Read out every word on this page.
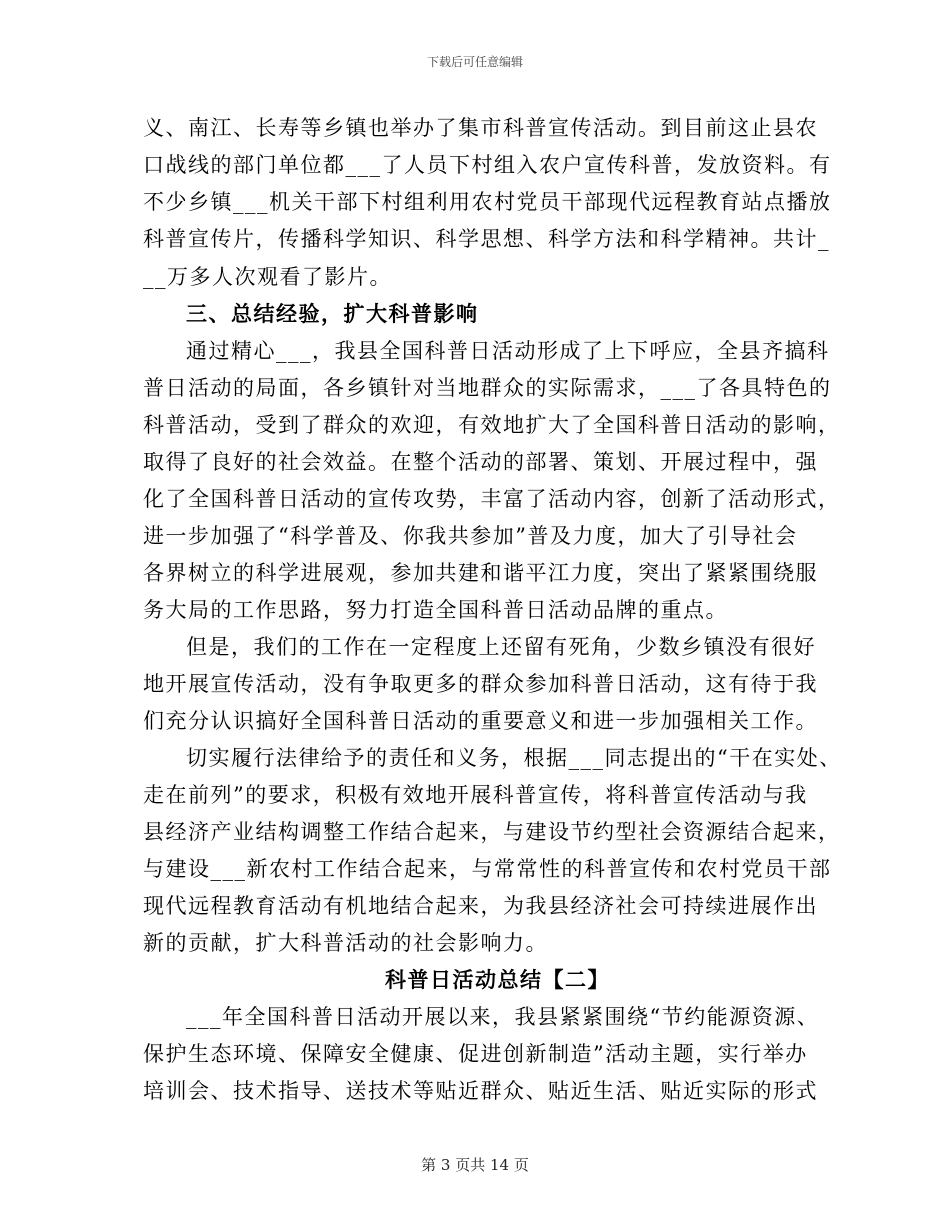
下载后可任意编辑
义、南江、长寿等乡镇也举办了集市科普宣传活动。到目前这止县农
口战线的部门单位都___了人员下村组入农户宣传科普，发放资料。有
不少乡镇___机关干部下村组利用农村党员干部现代远程教育站点播放
科普宣传片，传播科学知识、科学思想、科学方法和科学精神。共计_
__万多人次观看了影片。
三、总结经验，扩大科普影响
通过精心___，我县全国科普日活动形成了上下呼应，全县齐搞科
普日活动的局面，各乡镇针对当地群众的实际需求，___了各具特色的
科普活动，受到了群众的欢迎，有效地扩大了全国科普日活动的影响，
取得了良好的社会效益。在整个活动的部署、策划、开展过程中，强
化了全国科普日活动的宣传攻势，丰富了活动内容，创新了活动形式，
进一步加强了“科学普及、你我共参加”普及力度，加大了引导社会
各界树立的科学进展观，参加共建和谐平江力度，突出了紧紧围绕服
务大局的工作思路，努力打造全国科普日活动品牌的重点。
但是，我们的工作在一定程度上还留有死角，少数乡镇没有很好
地开展宣传活动，没有争取更多的群众参加科普日活动，这有待于我
们充分认识搞好全国科普日活动的重要意义和进一步加强相关工作。
切实履行法律给予的责任和义务，根据___同志提出的“干在实处、
走在前列”的要求，积极有效地开展科普宣传，将科普宣传活动与我
县经济产业结构调整工作结合起来，与建设节约型社会资源结合起来，
与建设___新农村工作结合起来，与常常性的科普宣传和农村党员干部
现代远程教育活动有机地结合起来，为我县经济社会可持续进展作出
新的贡献，扩大科普活动的社会影响力。
科普日活动总结【二】
___年全国科普日活动开展以来，我县紧紧围绕“节约能源资源、
保护生态环境、保障安全健康、促进创新制造”活动主题，实行举办
培训会、技术指导、送技术等贴近群众、贴近生活、贴近实际的形式
第 3 页共 14 页
